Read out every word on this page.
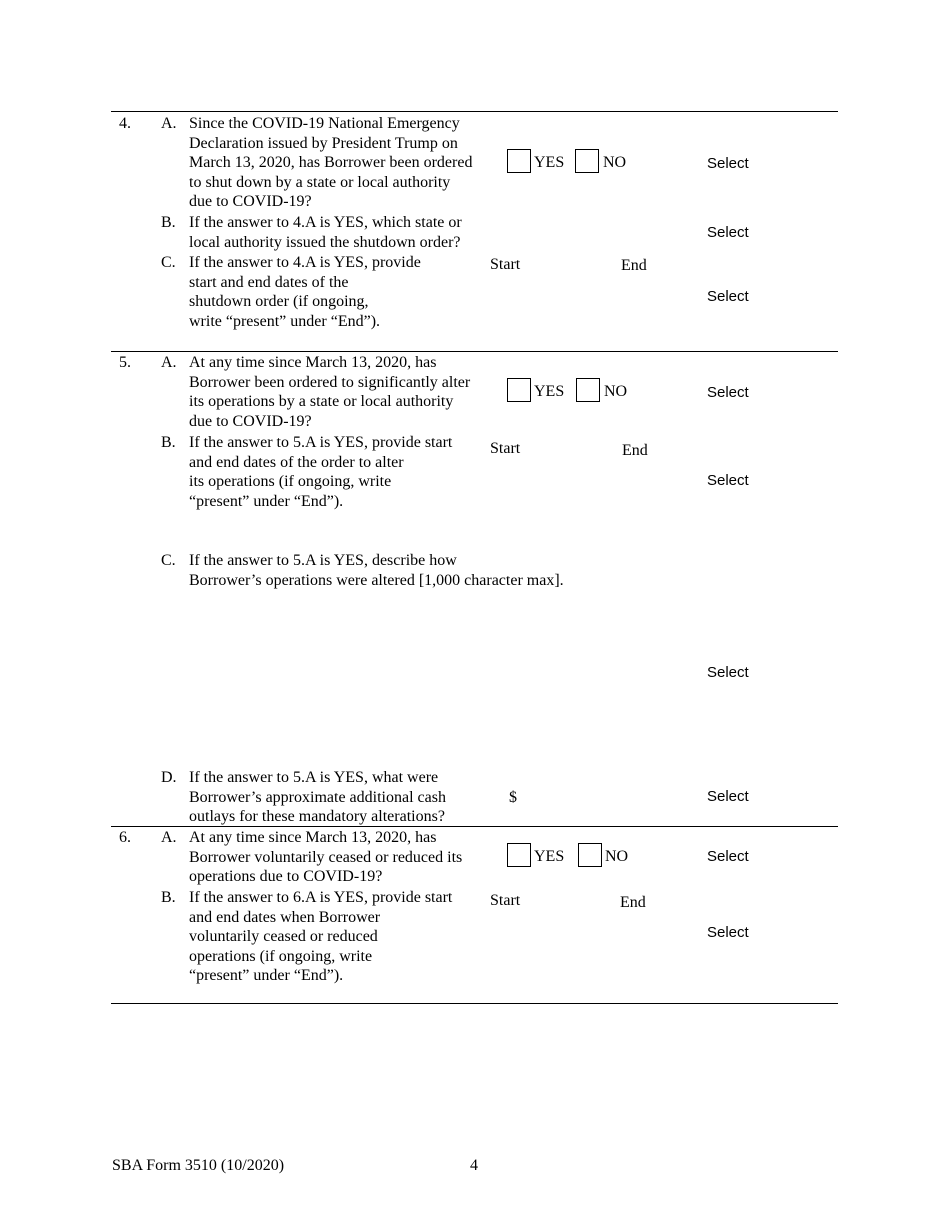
4. A. Since the COVID-19 National Emergency
Declaration issued by President Trump on
March 13, 2020, has Borrower been ordered
to shut down by a state or local authority
due to COVID-19?
YES NO	Select
B. If the answer to 4.A is YES, which state or
local authority issued the shutdown order?
Select
C. If the answer to 4.A is YES, provide
start and end dates of the
shutdown order (if ongoing,
write “present” under “End”).
Start	End
Select
5. A. At any time since March 13, 2020, has
Borrower been ordered to significantly alter
its operations by a state or local authority
due to COVID-19?
YES NO	Select
B. If the answer to 5.A is YES, provide start
and end dates of the order to alter
its operations (if ongoing, write
“present” under “End”).
Start	End
Select
C. If the answer to 5.A is YES, describe how
Borrower’s operations were altered [1,000 character max].
Select
D. If the answer to 5.A is YES, what were
Borrower’s approximate additional cash
outlays for these mandatory alterations?
$	Select
6. A. At any time since March 13, 2020, has
Borrower voluntarily ceased or reduced its
operations due to COVID-19?
YES	NO	Select
B. If the answer to 6.A is YES, provide start
and end dates when Borrower
voluntarily ceased or reduced
operations (if ongoing, write
“present” under “End”).
Start	End
Select
SBA Form 3510 (10/2020)	4
